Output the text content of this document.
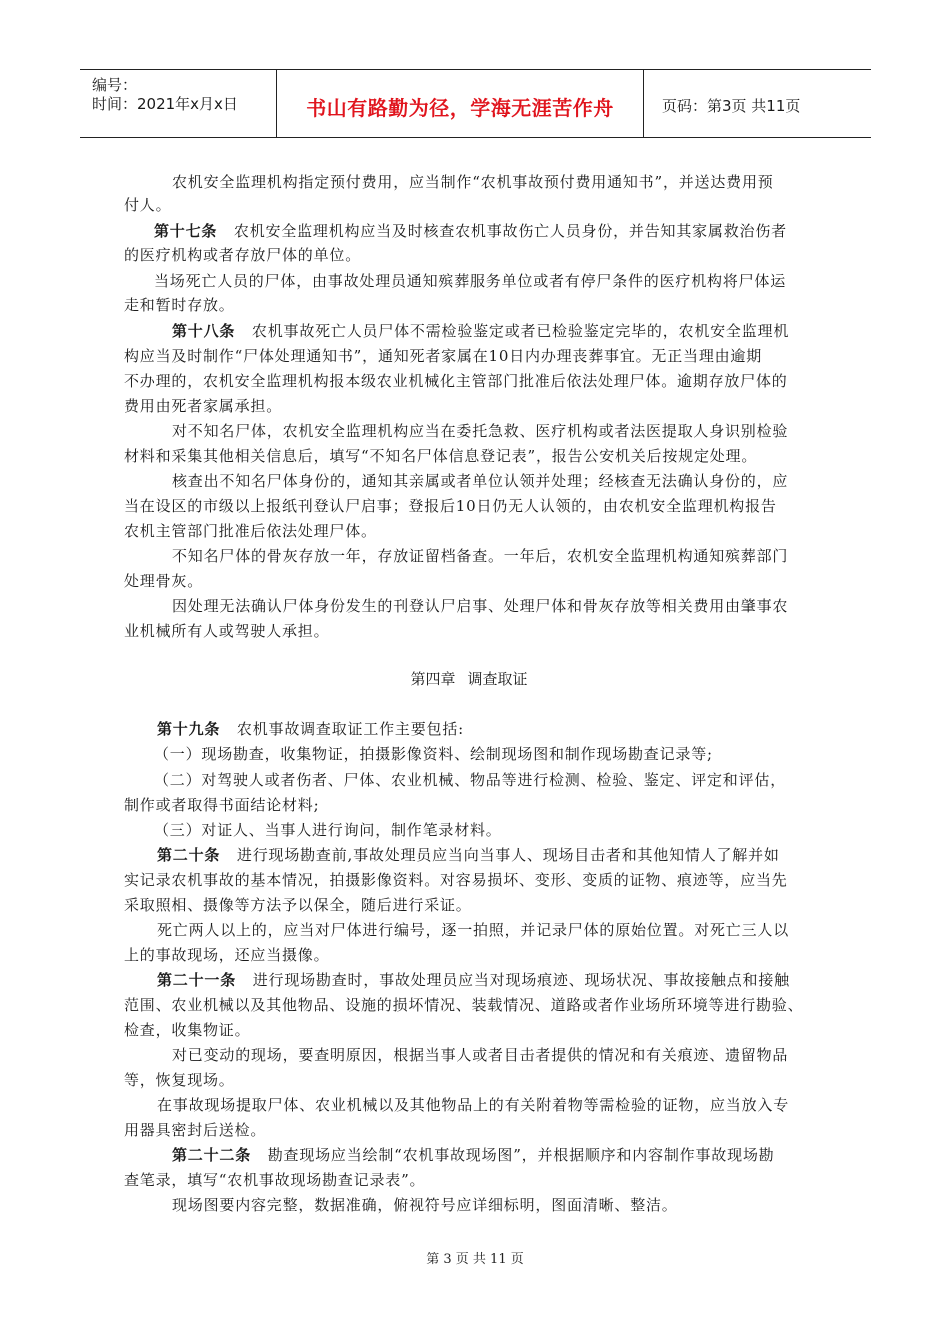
编号：
时间：2021年x月x日	书山有路勤为径，学海无涯苦作舟	页码：第3页 共11页
农机安全监理机构指定预付费用，应当制作“农机事故预付费用通知书”，并送达费用预
付人。
第十七条 农机安全监理机构应当及时核查农机事故伤亡人员身份，并告知其家属救治伤者
的医疗机构或者存放尸体的单位。
当场死亡人员的尸体，由事故处理员通知殡葬服务单位或者有停尸条件的医疗机构将尸体运
走和暂时存放。
第十八条 农机事故死亡人员尸体不需检验鉴定或者已检验鉴定完毕的，农机安全监理机
构应当及时制作“尸体处理通知书”，通知死者家属在10日内办理丧葬事宜。无正当理由逾期
不办理的，农机安全监理机构报本级农业机械化主管部门批准后依法处理尸体。逾期存放尸体的
费用由死者家属承担。
对不知名尸体，农机安全监理机构应当在委托急救、医疗机构或者法医提取人身识别检验
材料和采集其他相关信息后，填写“不知名尸体信息登记表”，报告公安机关后按规定处理。
核查出不知名尸体身份的，通知其亲属或者单位认领并处理；经核查无法确认身份的，应
当在设区的市级以上报纸刊登认尸启事；登报后10日仍无人认领的，由农机安全监理机构报告
农机主管部门批准后依法处理尸体。
不知名尸体的骨灰存放一年，存放证留档备查。一年后，农机安全监理机构通知殡葬部门
处理骨灰。
因处理无法确认尸体身份发生的刊登认尸启事、处理尸体和骨灰存放等相关费用由肇事农
业机械所有人或驾驶人承担。
第四章 调查取证
第十九条 农机事故调查取证工作主要包括:
（一）现场勘查，收集物证，拍摄影像资料、绘制现场图和制作现场勘查记录等;
（二）对驾驶人或者伤者、尸体、农业机械、物品等进行检测、检验、鉴定、评定和评估，
制作或者取得书面结论材料;
（三）对证人、当事人进行询问，制作笔录材料。
第二十条 进行现场勘查前,事故处理员应当向当事人、现场目击者和其他知情人了解并如
实记录农机事故的基本情况，拍摄影像资料。对容易损坏、变形、变质的证物、痕迹等，应当先
采取照相、摄像等方法予以保全，随后进行采证。
死亡两人以上的，应当对尸体进行编号，逐一拍照，并记录尸体的原始位置。对死亡三人以
上的事故现场，还应当摄像。
第二十一条 进行现场勘查时，事故处理员应当对现场痕迹、现场状况、事故接触点和接触
范围、农业机械以及其他物品、设施的损坏情况、装载情况、道路或者作业场所环境等进行勘验、
检查，收集物证。
对已变动的现场，要查明原因，根据当事人或者目击者提供的情况和有关痕迹、遗留物品
等，恢复现场。
在事故现场提取尸体、农业机械以及其他物品上的有关附着物等需检验的证物，应当放入专
用器具密封后送检。
第二十二条 勘查现场应当绘制“农机事故现场图”，并根据顺序和内容制作事故现场勘
查笔录，填写“农机事故现场勘查记录表”。
现场图要内容完整，数据准确，俯视符号应详细标明，图面清晰、整洁。
第 3 页 共 11 页
